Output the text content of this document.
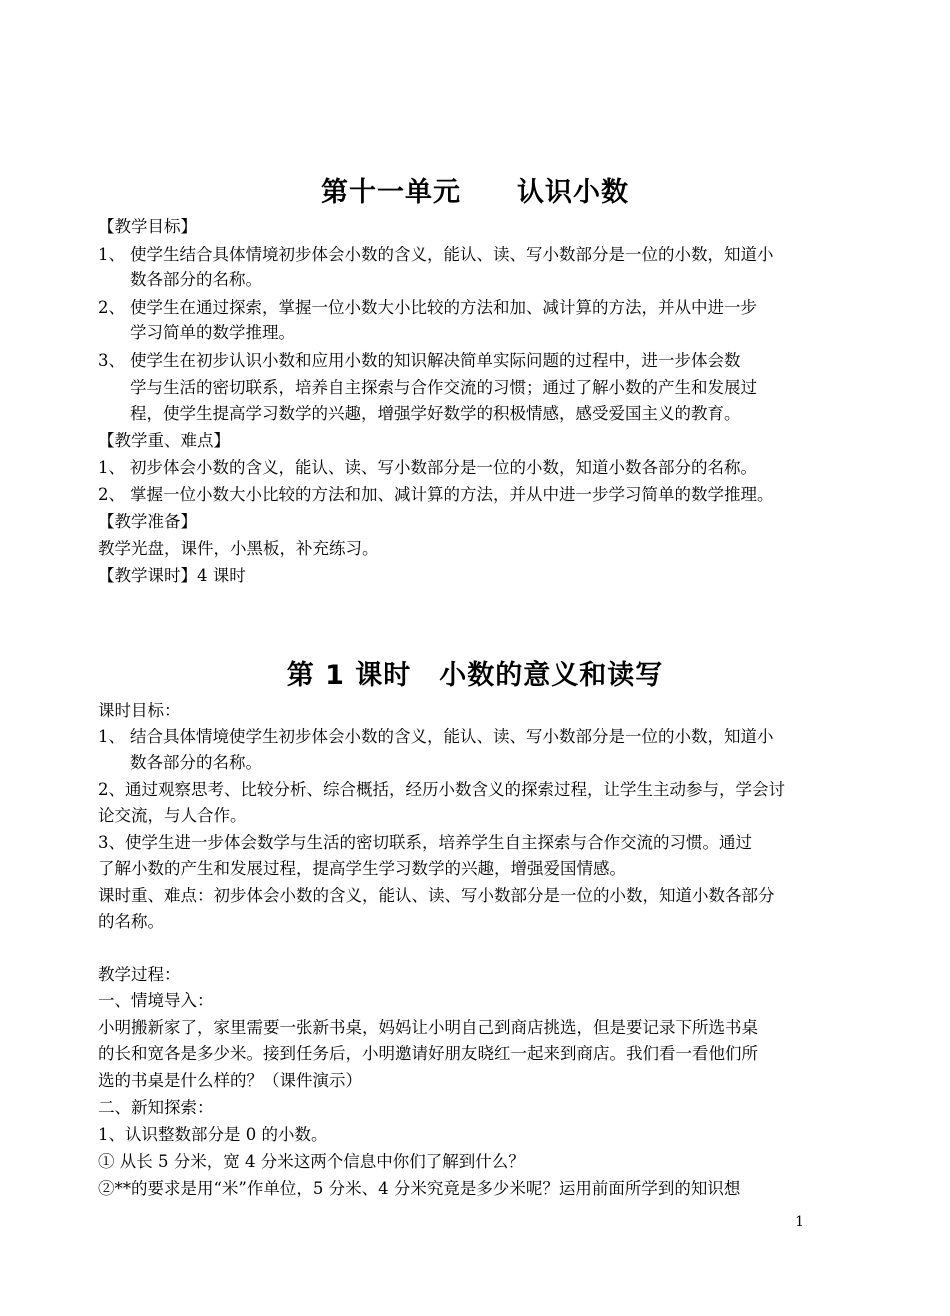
第十一单元　　认识小数
【教学目标】
1、 使学生结合具体情境初步体会小数的含义，能认、读、写小数部分是一位的小数，知道小
数各部分的名称。
2、 使学生在通过探索，掌握一位小数大小比较的方法和加、减计算的方法，并从中进一步
学习简单的数学推理。
3、 使学生在初步认识小数和应用小数的知识解决简单实际问题的过程中，进一步体会数
学与生活的密切联系，培养自主探索与合作交流的习惯；通过了解小数的产生和发展过
程，使学生提高学习数学的兴趣，增强学好数学的积极情感，感受爱国主义的教育。
【教学重、难点】
1、 初步体会小数的含义，能认、读、写小数部分是一位的小数，知道小数各部分的名称。
2、 掌握一位小数大小比较的方法和加、减计算的方法，并从中进一步学习简单的数学推理。
【教学准备】
教学光盘，课件，小黑板，补充练习。
【教学课时】4 课时
第 1 课时　小数的意义和读写
课时目标：
1、 结合具体情境使学生初步体会小数的含义，能认、读、写小数部分是一位的小数，知道小
数各部分的名称。
2、通过观察思考、比较分析、综合概括，经历小数含义的探索过程，让学生主动参与，学会讨
论交流，与人合作。
3、使学生进一步体会数学与生活的密切联系，培养学生自主探索与合作交流的习惯。通过
了解小数的产生和发展过程，提高学生学习数学的兴趣，增强爱国情感。
课时重、难点：初步体会小数的含义，能认、读、写小数部分是一位的小数，知道小数各部分
的名称。
教学过程：
一、情境导入：
小明搬新家了，家里需要一张新书桌，妈妈让小明自己到商店挑选，但是要记录下所选书桌
的长和宽各是多少米。接到任务后，小明邀请好朋友晓红一起来到商店。我们看一看他们所
选的书桌是什么样的？（课件演示）
二、新知探索：
1、认识整数部分是 0 的小数。
① 从长 5 分米，宽 4 分米这两个信息中你们了解到什么？
②**的要求是用“米”作单位，5 分米、4 分米究竟是多少米呢？运用前面所学到的知识想
1
